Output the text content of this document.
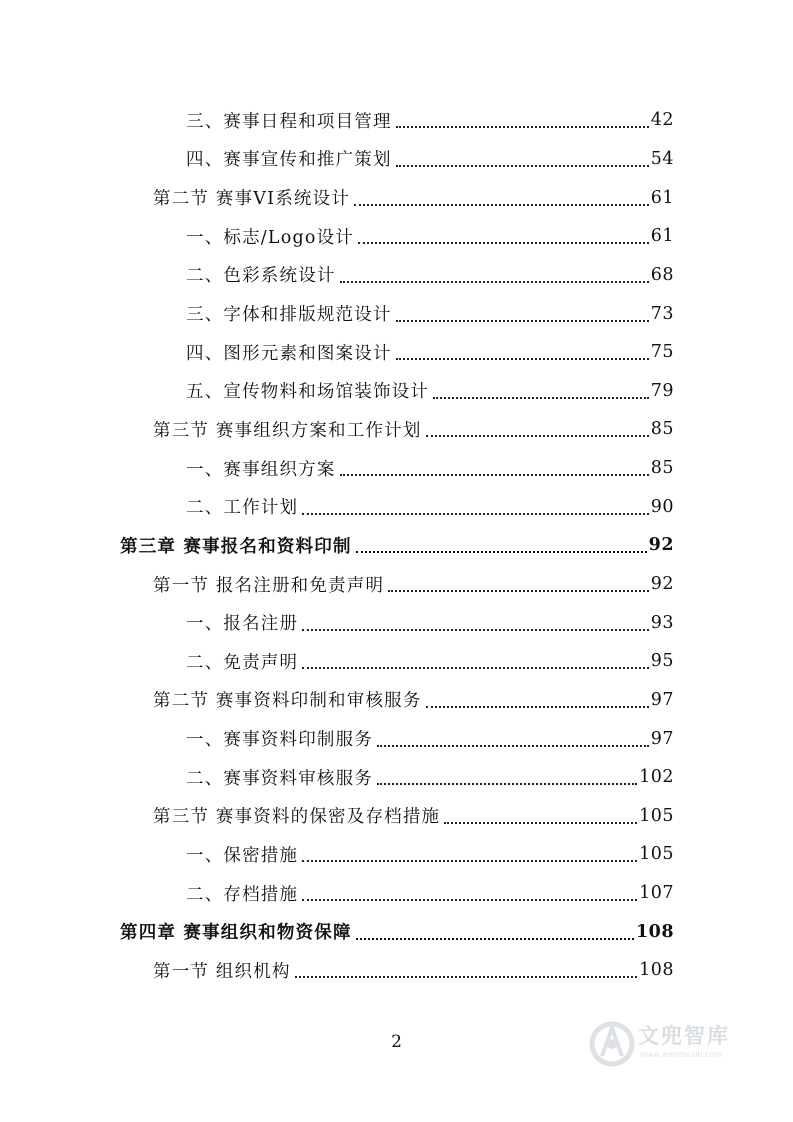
三、赛事日程和项目管理	42
四、赛事宣传和推广策划	54
第二节 赛事VI系统设计	61
一、标志/Logo设计	61
二、色彩系统设计	68
三、字体和排版规范设计	73
四、图形元素和图案设计	75
五、宣传物料和场馆装饰设计	79
第三节 赛事组织方案和工作计划	85
一、赛事组织方案	85
二、工作计划	90
第三章 赛事报名和资料印制	92
第一节 报名注册和免责声明	92
一、报名注册	93
二、免责声明	95
第二节 赛事资料印制和审核服务	97
一、赛事资料印制服务	97
二、赛事资料审核服务	102
第三节 赛事资料的保密及存档措施	105
一、保密措施	105
二、存档措施	107
第四章 赛事组织和物资保障	108
第一节 组织机构	108
2	文兜智库
www.wendoulib.com
